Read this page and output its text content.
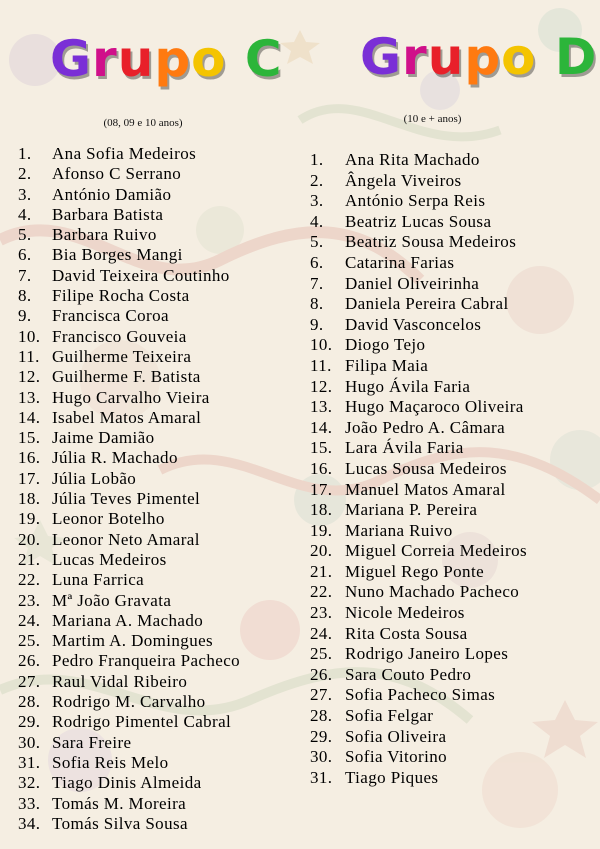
Grupo C
(08, 09 e 10 anos)
1. Ana Sofia Medeiros
2. Afonso C Serrano
3. António Damião
4. Barbara Batista
5. Barbara Ruivo
6. Bia Borges Mangi
7. David Teixeira Coutinho
8. Filipe Rocha Costa
9. Francisca Coroa
10. Francisco Gouveia
11. Guilherme Teixeira
12. Guilherme F. Batista
13. Hugo Carvalho Vieira
14. Isabel Matos Amaral
15. Jaime Damião
16. Júlia R. Machado
17. Júlia Lobão
18. Júlia Teves Pimentel
19. Leonor Botelho
20. Leonor Neto Amaral
21. Lucas Medeiros
22. Luna Farrica
23. Mª João Gravata
24. Mariana A. Machado
25. Martim A. Domingues
26. Pedro Franqueira Pacheco
27. Raul Vidal Ribeiro
28. Rodrigo M. Carvalho
29. Rodrigo Pimentel Cabral
30. Sara Freire
31. Sofia Reis Melo
32. Tiago Dinis Almeida
33. Tomás M. Moreira
34. Tomás Silva Sousa
Grupo D
(10 e + anos)
1. Ana Rita Machado
2. Ângela Viveiros
3. António Serpa Reis
4. Beatriz Lucas Sousa
5. Beatriz Sousa Medeiros
6. Catarina Farias
7. Daniel Oliveirinha
8. Daniela Pereira Cabral
9. David Vasconcelos
10. Diogo Tejo
11. Filipa Maia
12. Hugo Ávila Faria
13. Hugo Maçaroco Oliveira
14. João Pedro A. Câmara
15. Lara Ávila Faria
16. Lucas Sousa Medeiros
17. Manuel Matos Amaral
18. Mariana P. Pereira
19. Mariana Ruivo
20. Miguel Correia Medeiros
21. Miguel Rego Ponte
22. Nuno Machado Pacheco
23. Nicole Medeiros
24. Rita Costa Sousa
25. Rodrigo Janeiro Lopes
26. Sara Couto Pedro
27. Sofia Pacheco Simas
28. Sofia Felgar
29. Sofia Oliveira
30. Sofia Vitorino
31. Tiago Piques
